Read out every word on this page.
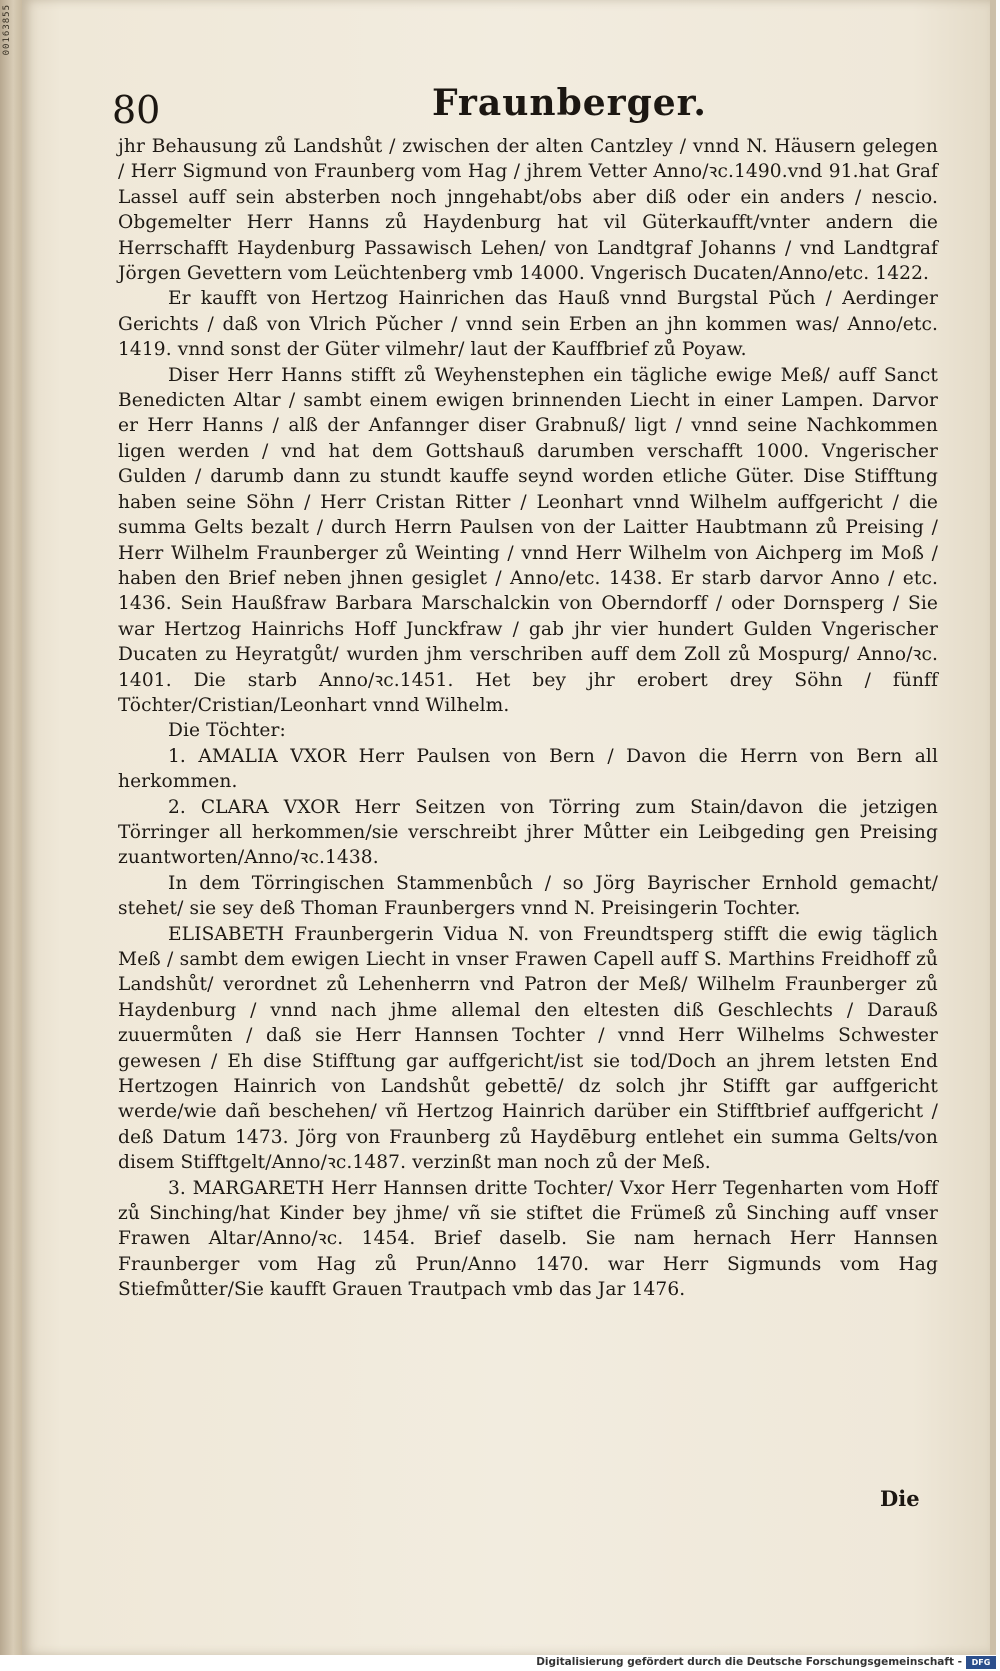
00163855
80	Fraunberger.

jhr Behausung zů Landshůt / zwischen der alten Cantzley / vnnd N. Häusern gelegen / Herr Sigmund von Fraunberg vom Hag / jhrem Vetter Anno/ꝛc.1490.vnd 91.hat Graf Lassel auff sein absterben noch jnngehabt/obs aber diß oder ein anders / nescio. Obgemelter Herr Hanns zů Haydenburg hat vil Güterkaufft/vnter andern die Herrschafft Haydenburg Passawisch Lehen/ von Landtgraf Johanns / vnd Landtgraf Jörgen Gevettern vom Leüchtenberg vmb 14000. Vngerisch Ducaten/Anno/etc. 1422.

Er kaufft von Hertzog Hainrichen das Hauß vnnd Burgstal Pǔch / Aerdinger Gerichts / daß von Vlrich Pǔcher / vnnd sein Erben an jhn kommen was/ Anno/etc. 1419. vnnd sonst der Güter vilmehr/ laut der Kauffbrief zů Poyaw.

Diser Herr Hanns stifft zů Weyhenstephen ein tägliche ewige Meß/ auff Sanct Benedicten Altar / sambt einem ewigen brinnenden Liecht in einer Lampen. Darvor er Herr Hanns / alß der Anfannger diser Grabnuß/ ligt / vnnd seine Nachkommen ligen werden / vnd hat dem Gottshauß darumben verschafft 1000. Vngerischer Gulden / darumb dann zu stundt kauffe seynd worden etliche Güter. Dise Stifftung haben seine Söhn / Herr Cristan Ritter / Leonhart vnnd Wilhelm auffgericht / die summa Gelts bezalt / durch Herrn Paulsen von der Laitter Haubtmann zů Preising / Herr Wilhelm Fraunberger zů Weinting / vnnd Herr Wilhelm von Aichperg im Moß / haben den Brief neben jhnen gesiglet / Anno/etc. 1438. Er starb darvor Anno / etc. 1436. Sein Haußfraw Barbara Marschalckin von Oberndorff / oder Dornsperg / Sie war Hertzog Hainrichs Hoff Junckfraw / gab jhr vier hundert Gulden Vngerischer Ducaten zu Heyratgůt/ wurden jhm verschriben auff dem Zoll zů Mospurg/ Anno/ꝛc. 1401. Die starb Anno/ꝛc.1451. Het bey jhr erobert drey Söhn / fünff Töchter/Cristian/Leonhart vnnd Wilhelm.

Die Töchter:

1. AMALIA VXOR Herr Paulsen von Bern / Davon die Herrn von Bern all herkommen.

2. CLARA VXOR Herr Seitzen von Törring zum Stain/davon die jetzigen Törringer all herkommen/sie verschreibt jhrer Můtter ein Leibgeding gen Preising zuantworten/Anno/ꝛc.1438.

In dem Törringischen Stammenbůch / so Jörg Bayrischer Ernhold gemacht/ stehet/ sie sey deß Thoman Fraunbergers vnnd N. Preisingerin Tochter.

ELISABETH Fraunbergerin Vidua N. von Freundtsperg stifft die ewig täglich Meß / sambt dem ewigen Liecht in vnser Frawen Capell auff S. Marthins Freidhoff zů Landshůt/ verordnet zů Lehenherrn vnd Patron der Meß/ Wilhelm Fraunberger zů Haydenburg / vnnd nach jhme allemal den eltesten diß Geschlechts / Darauß zuuermůten / daß sie Herr Hannsen Tochter / vnnd Herr Wilhelms Schwester gewesen / Eh dise Stifftung gar auffgericht/ist sie tod/Doch an jhrem letsten End Hertzogen Hainrich von Landshůt gebettē/ dz solch jhr Stifft gar auffgericht werde/wie dañ beschehen/ vñ Hertzog Hainrich darüber ein Stifftbrief auffgericht / deß Datum 1473. Jörg von Fraunberg zů Haydēburg entlehet ein summa Gelts/von disem Stifftgelt/Anno/ꝛc.1487. verzinßt man noch zů der Meß.

3. MARGARETH Herr Hannsen dritte Tochter/ Vxor Herr Tegenharten vom Hoff zů Sinching/hat Kinder bey jhme/ vñ sie stiftet die Frümeß zů Sinching auff vnser Frawen Altar/Anno/ꝛc. 1454. Brief daselb. Sie nam hernach Herr Hannsen Fraunberger vom Hag zů Prun/Anno 1470. war Herr Sigmunds vom Hag Stiefmůtter/Sie kaufft Grauen Trautpach vmb das Jar 1476.

Die
Digitalisierung gefördert durch die Deutsche Forschungsgemeinschaft -	DFG
